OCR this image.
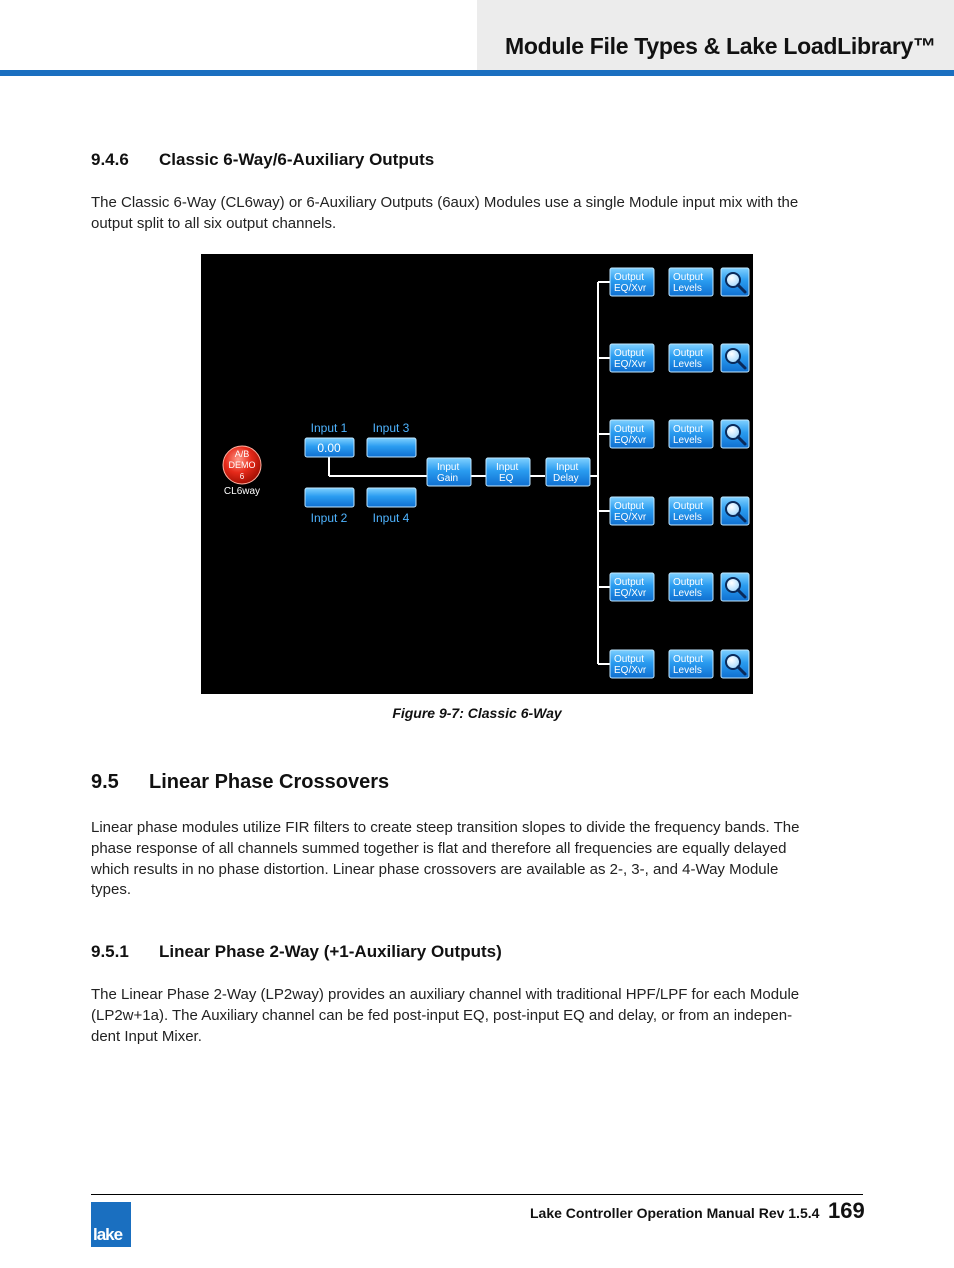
Module File Types & Lake LoadLibrary™
9.4.6 Classic 6-Way/6-Auxiliary Outputs
The Classic 6-Way (CL6way) or 6-Auxiliary Outputs (6aux) Modules use a single Module input mix with the
output split to all six output channels.
A/B
DEMO
6
CL6way
Input 1 Input 3
Input 2 Input 4
0.00
Input
Gain
Input
EQ
Input
Delay
Output
EQ/Xvr
Output
Levels
Output
EQ/Xvr
Output
Levels
Output
EQ/Xvr
Output
Levels
Output
EQ/Xvr
Output
Levels
Output
EQ/Xvr
Output
Levels
Output
EQ/Xvr
Output
Levels
Figure 9-7: Classic 6-Way
9.5 Linear Phase Crossovers
Linear phase modules utilize FIR filters to create steep transition slopes to divide the frequency bands. The
phase response of all channels summed together is flat and therefore all frequencies are equally delayed
which results in no phase distortion. Linear phase crossovers are available as 2-, 3-, and 4-Way Module
types.
9.5.1 Linear Phase 2-Way (+1-Auxiliary Outputs)
The Linear Phase 2-Way (LP2way) provides an auxiliary channel with traditional HPF/LPF for each Module
(LP2w+1a). The Auxiliary channel can be fed post-input EQ, post-input EQ and delay, or from an indepen-
dent Input Mixer.
lake
Lake Controller Operation Manual Rev 1.5.4 169
